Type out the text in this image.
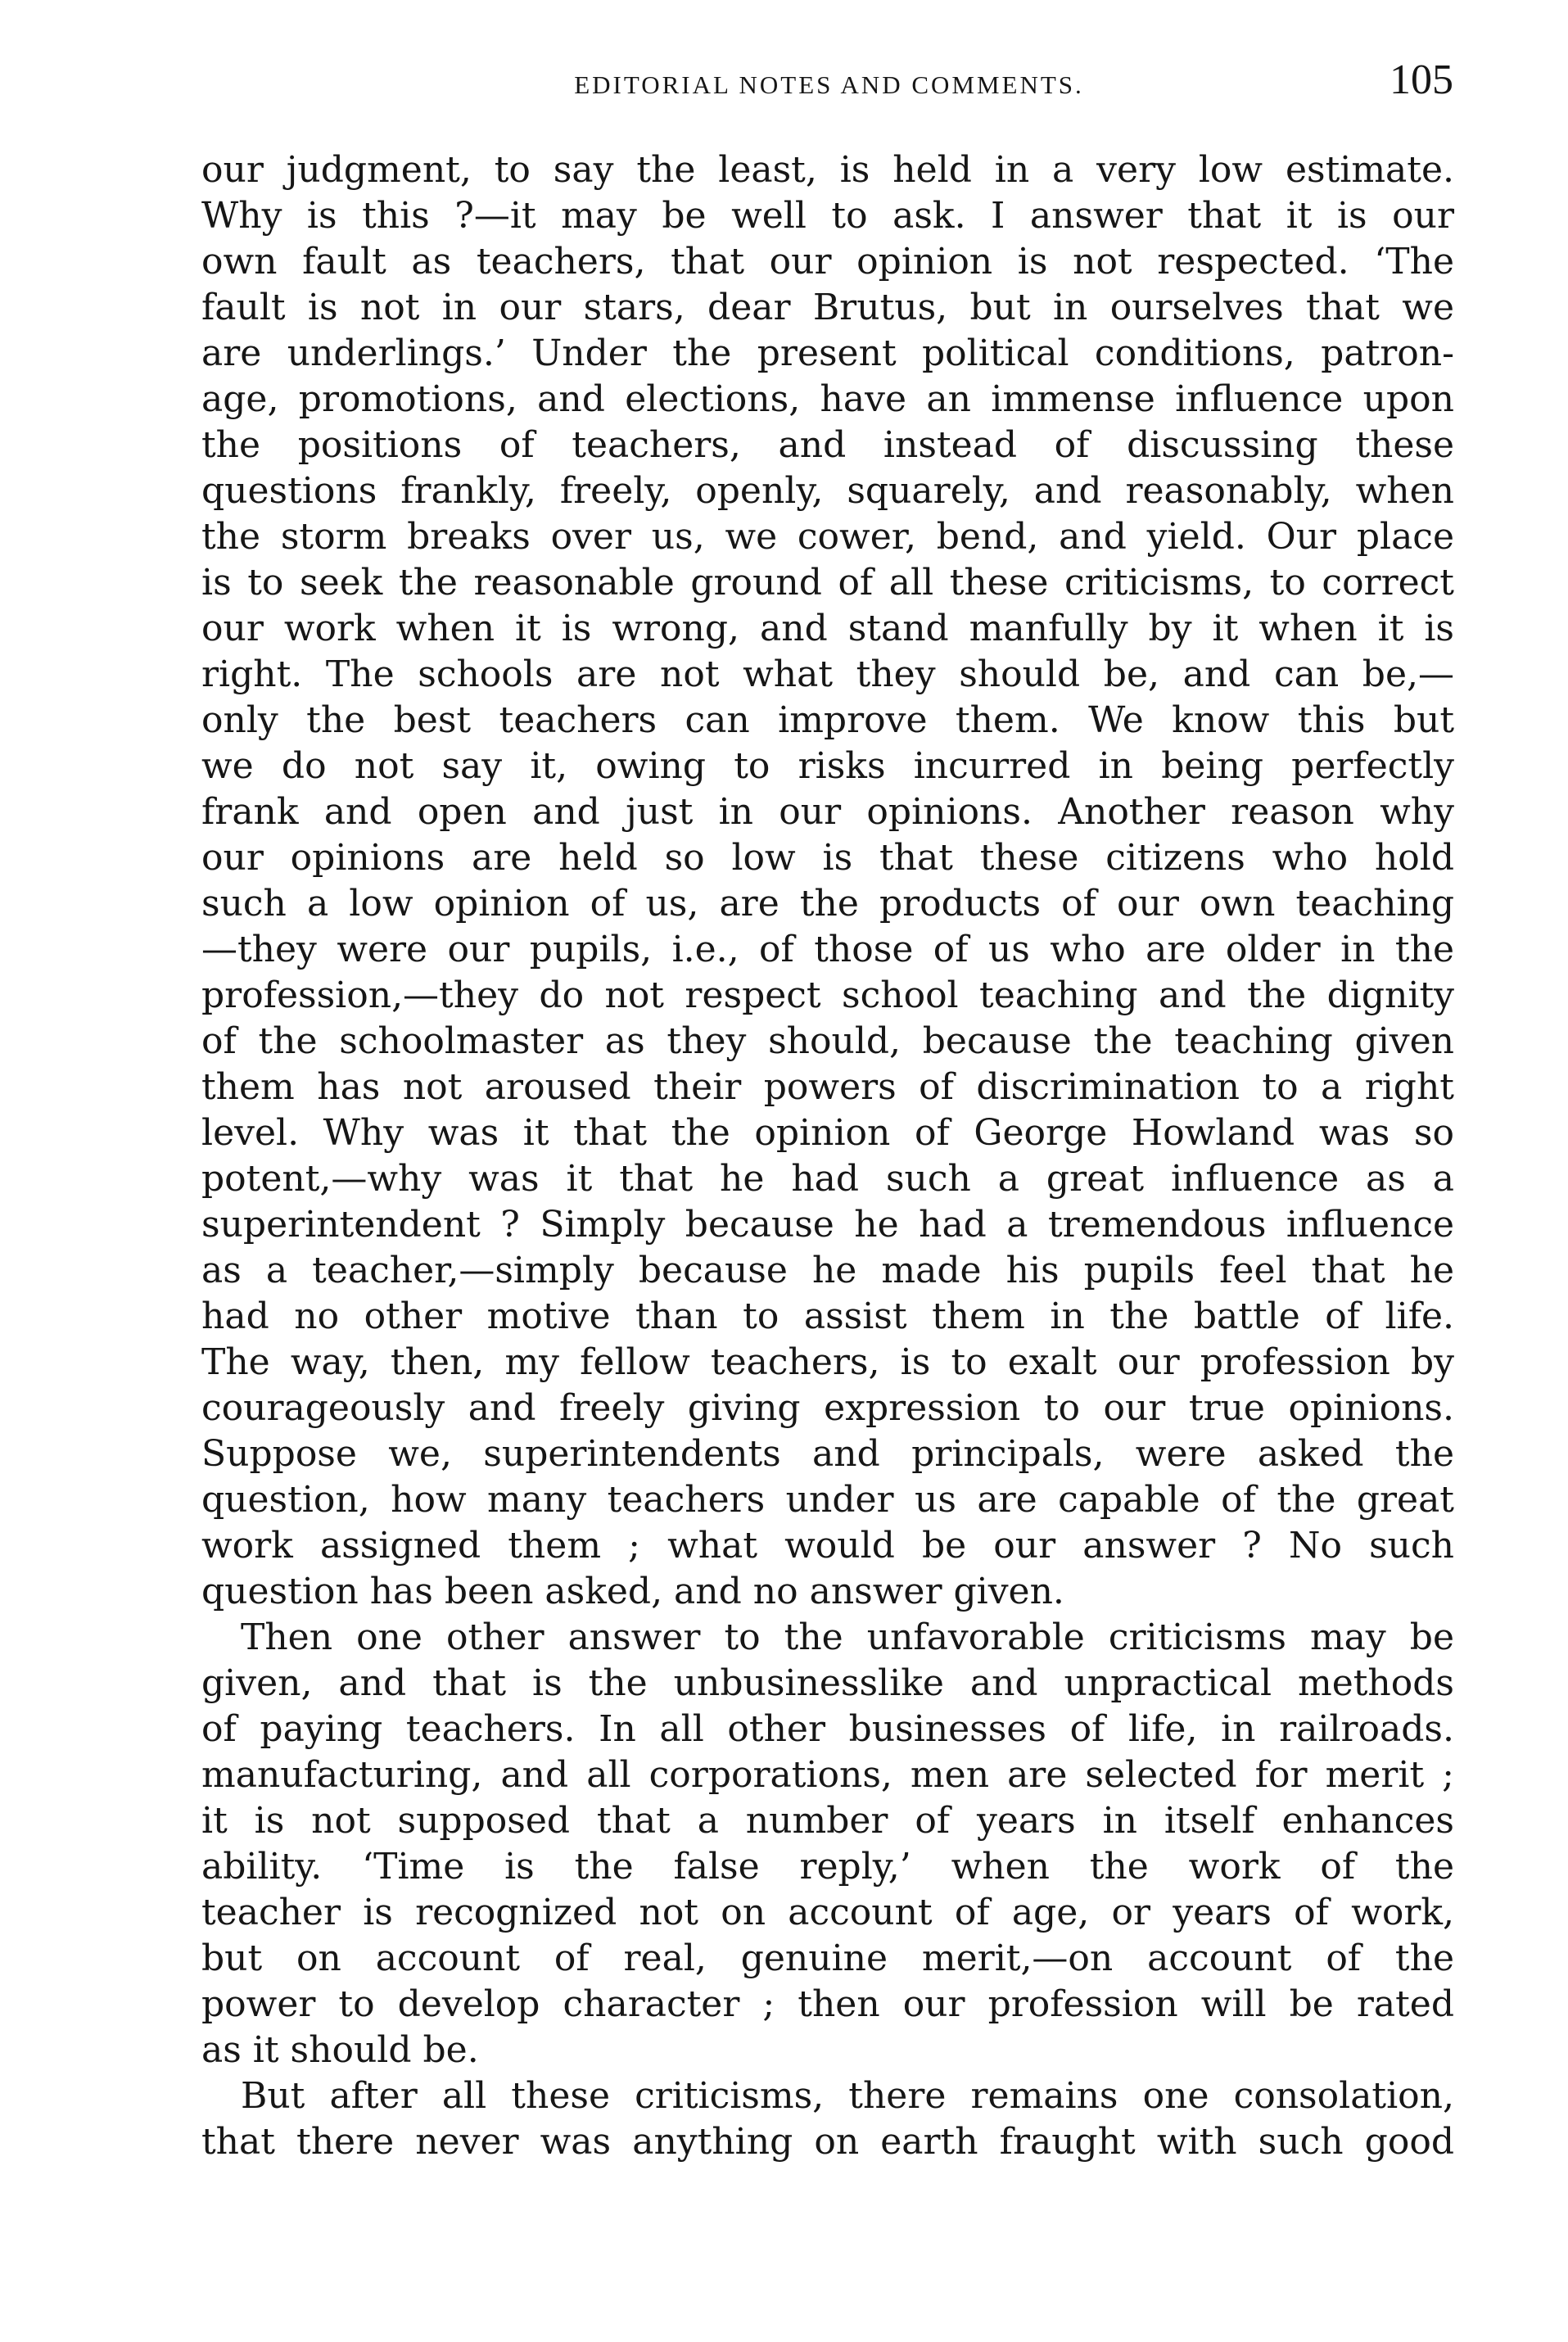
EDITORIAL NOTES AND COMMENTS.	105
our judgment, to say the least, is held in a very low estimate.
Why is this ?—it may be well to ask. I answer that it is our
own fault as teachers, that our opinion is not respected. ‘The
fault is not in our stars, dear Brutus, but in ourselves that we
are underlings.’ Under the present political conditions, patron-
age, promotions, and elections, have an immense influence upon
the positions of teachers, and instead of discussing these
questions frankly, freely, openly, squarely, and reasonably, when
the storm breaks over us, we cower, bend, and yield. Our place
is to seek the reasonable ground of all these criticisms, to correct
our work when it is wrong, and stand manfully by it when it is
right. The schools are not what they should be, and can be,—
only the best teachers can improve them. We know this but
we do not say it, owing to risks incurred in being perfectly
frank and open and just in our opinions. Another reason why
our opinions are held so low is that these citizens who hold
such a low opinion of us, are the products of our own teaching
—they were our pupils, i.e., of those of us who are older in the
profession,—they do not respect school teaching and the dignity
of the schoolmaster as they should, because the teaching given
them has not aroused their powers of discrimination to a right
level. Why was it that the opinion of George Howland was so
potent,—why was it that he had such a great influence as a
superintendent ? Simply because he had a tremendous influence
as a teacher,—simply because he made his pupils feel that he
had no other motive than to assist them in the battle of life.
The way, then, my fellow teachers, is to exalt our profession by
courageously and freely giving expression to our true opinions.
Suppose we, superintendents and principals, were asked the
question, how many teachers under us are capable of the great
work assigned them ; what would be our answer ? No such
question has been asked, and no answer given.
Then one other answer to the unfavorable criticisms may be
given, and that is the unbusinesslike and unpractical methods
of paying teachers. In all other businesses of life, in railroads.
manufacturing, and all corporations, men are selected for merit ;
it is not supposed that a number of years in itself enhances
ability. ‘Time is the false reply,’ when the work of the
teacher is recognized not on account of age, or years of work,
but on account of real, genuine merit,—on account of the
power to develop character ; then our profession will be rated
as it should be.
But after all these criticisms, there remains one consolation,
that there never was anything on earth fraught with such good
